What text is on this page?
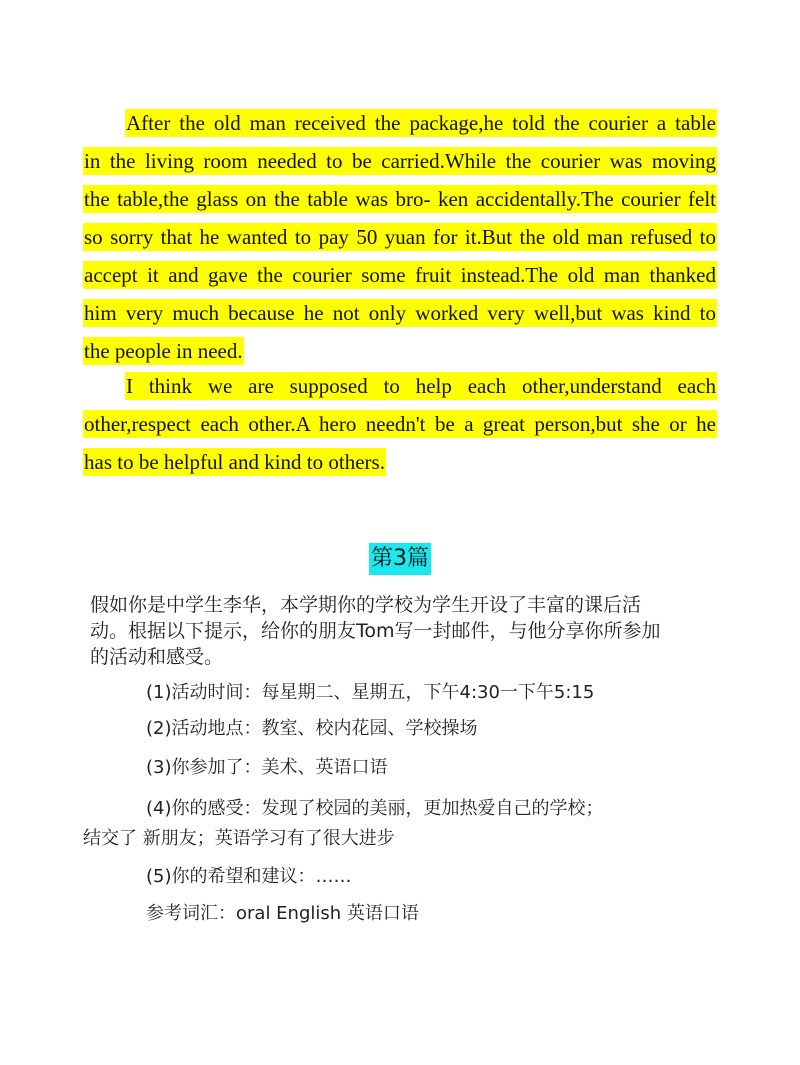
After the old man received the package,he told the courier a table
in the living room needed to be carried.While the courier was moving
the table,the glass on the table was bro- ken accidentally.The courier felt
so sorry that he wanted to pay 50 yuan for it.But the old man refused to
accept it and gave the courier some fruit instead.The old man thanked
him very much because he not only worked very well,but was kind to
the people in need.
I think we are supposed to help each other,understand each
other,respect each other.A hero needn't be a great person,but she or he
has to be helpful and kind to others.
第3篇
假如你是中学生李华，本学期你的学校为学生开设了丰富的课后活
动。根据以下提示，给你的朋友Tom写一封邮件，与他分享你所参加
的活动和感受。
(1)活动时间：每星期二、星期五，下午4:30一下午5:15
(2)活动地点：教室、校内花园、学校操场
(3)你参加了：美术、英语口语
(4)你的感受：发现了校园的美丽，更加热爱自己的学校；
结交了 新朋友；英语学习有了很大进步
(5)你的希望和建议：……
参考词汇：oral English 英语口语
